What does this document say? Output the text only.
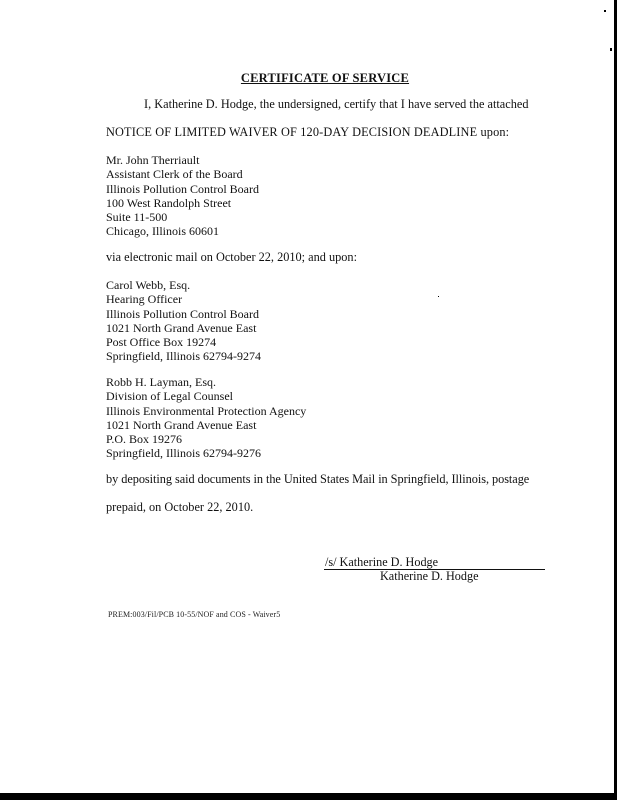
CERTIFICATE OF SERVICE
I, Katherine D. Hodge, the undersigned, certify that I have served the attached
NOTICE OF LIMITED WAIVER OF 120-DAY DECISION DEADLINE upon:
Mr. John Therriault
Assistant Clerk of the Board
Illinois Pollution Control Board
100 West Randolph Street
Suite 11-500
Chicago, Illinois 60601
via electronic mail on October 22, 2010; and upon:
Carol Webb, Esq.
Hearing Officer
Illinois Pollution Control Board
1021 North Grand Avenue East
Post Office Box 19274
Springfield, Illinois 62794-9274
Robb H. Layman, Esq.
Division of Legal Counsel
Illinois Environmental Protection Agency
1021 North Grand Avenue East
P.O. Box 19276
Springfield, Illinois 62794-9276
by depositing said documents in the United States Mail in Springfield, Illinois, postage
prepaid, on October 22, 2010.
/s/ Katherine D. Hodge
Katherine D. Hodge
PREM:003/Fil/PCB 10-55/NOF and COS - Waiver5
